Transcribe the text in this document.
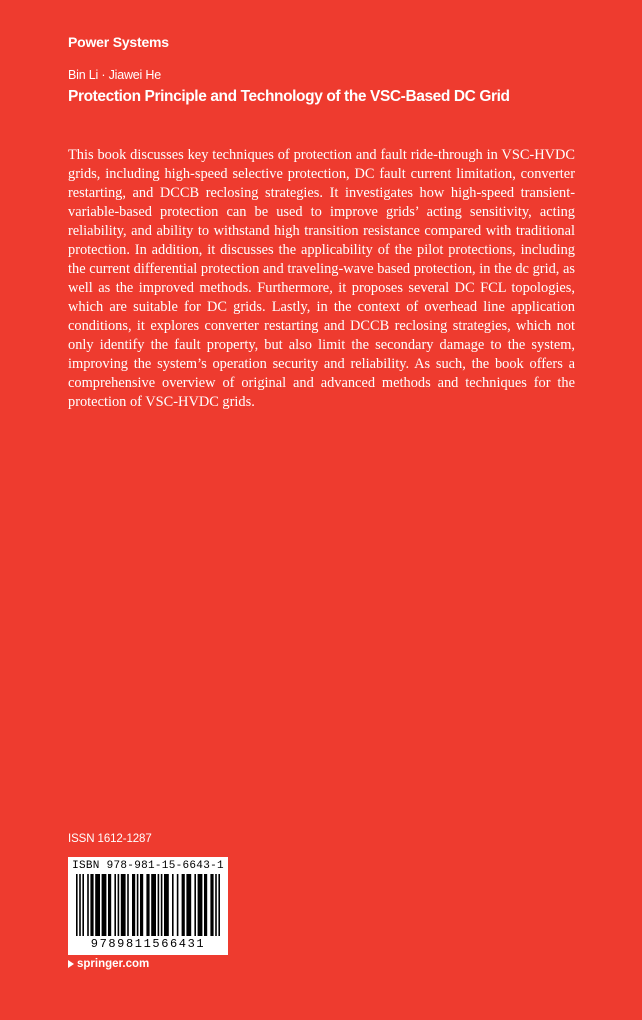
Power Systems
Bin Li · Jiawei He
Protection Principle and Technology of the VSC-Based DC Grid

This book discusses key techniques of protection and fault ride-through in VSC-HVDC grids, including high-speed selective protection, DC fault current limitation, converter restarting, and DCCB reclosing strategies. It investigates how high-speed transient-variable-based protection can be used to improve grids’ acting sensitivity, acting reliability, and ability to withstand high transition resistance compared with traditional protection. In addition, it discusses the applicability of the pilot protections, including the current differential protection and traveling-wave based protection, in the dc grid, as well as the improved methods. Furthermore, it proposes several DC FCL topologies, which are suitable for DC grids. Lastly, in the context of overhead line application conditions, it explores converter restarting and DCCB reclosing strategies, which not only identify the fault property, but also limit the secondary damage to the system, improving the system’s operation security and reliability. As such, the book offers a comprehensive overview of original and advanced methods and techniques for the protection of VSC-HVDC grids.

ISSN 1612-1287
ISBN 978-981-15-6643-1
9789811566431
springer.com
